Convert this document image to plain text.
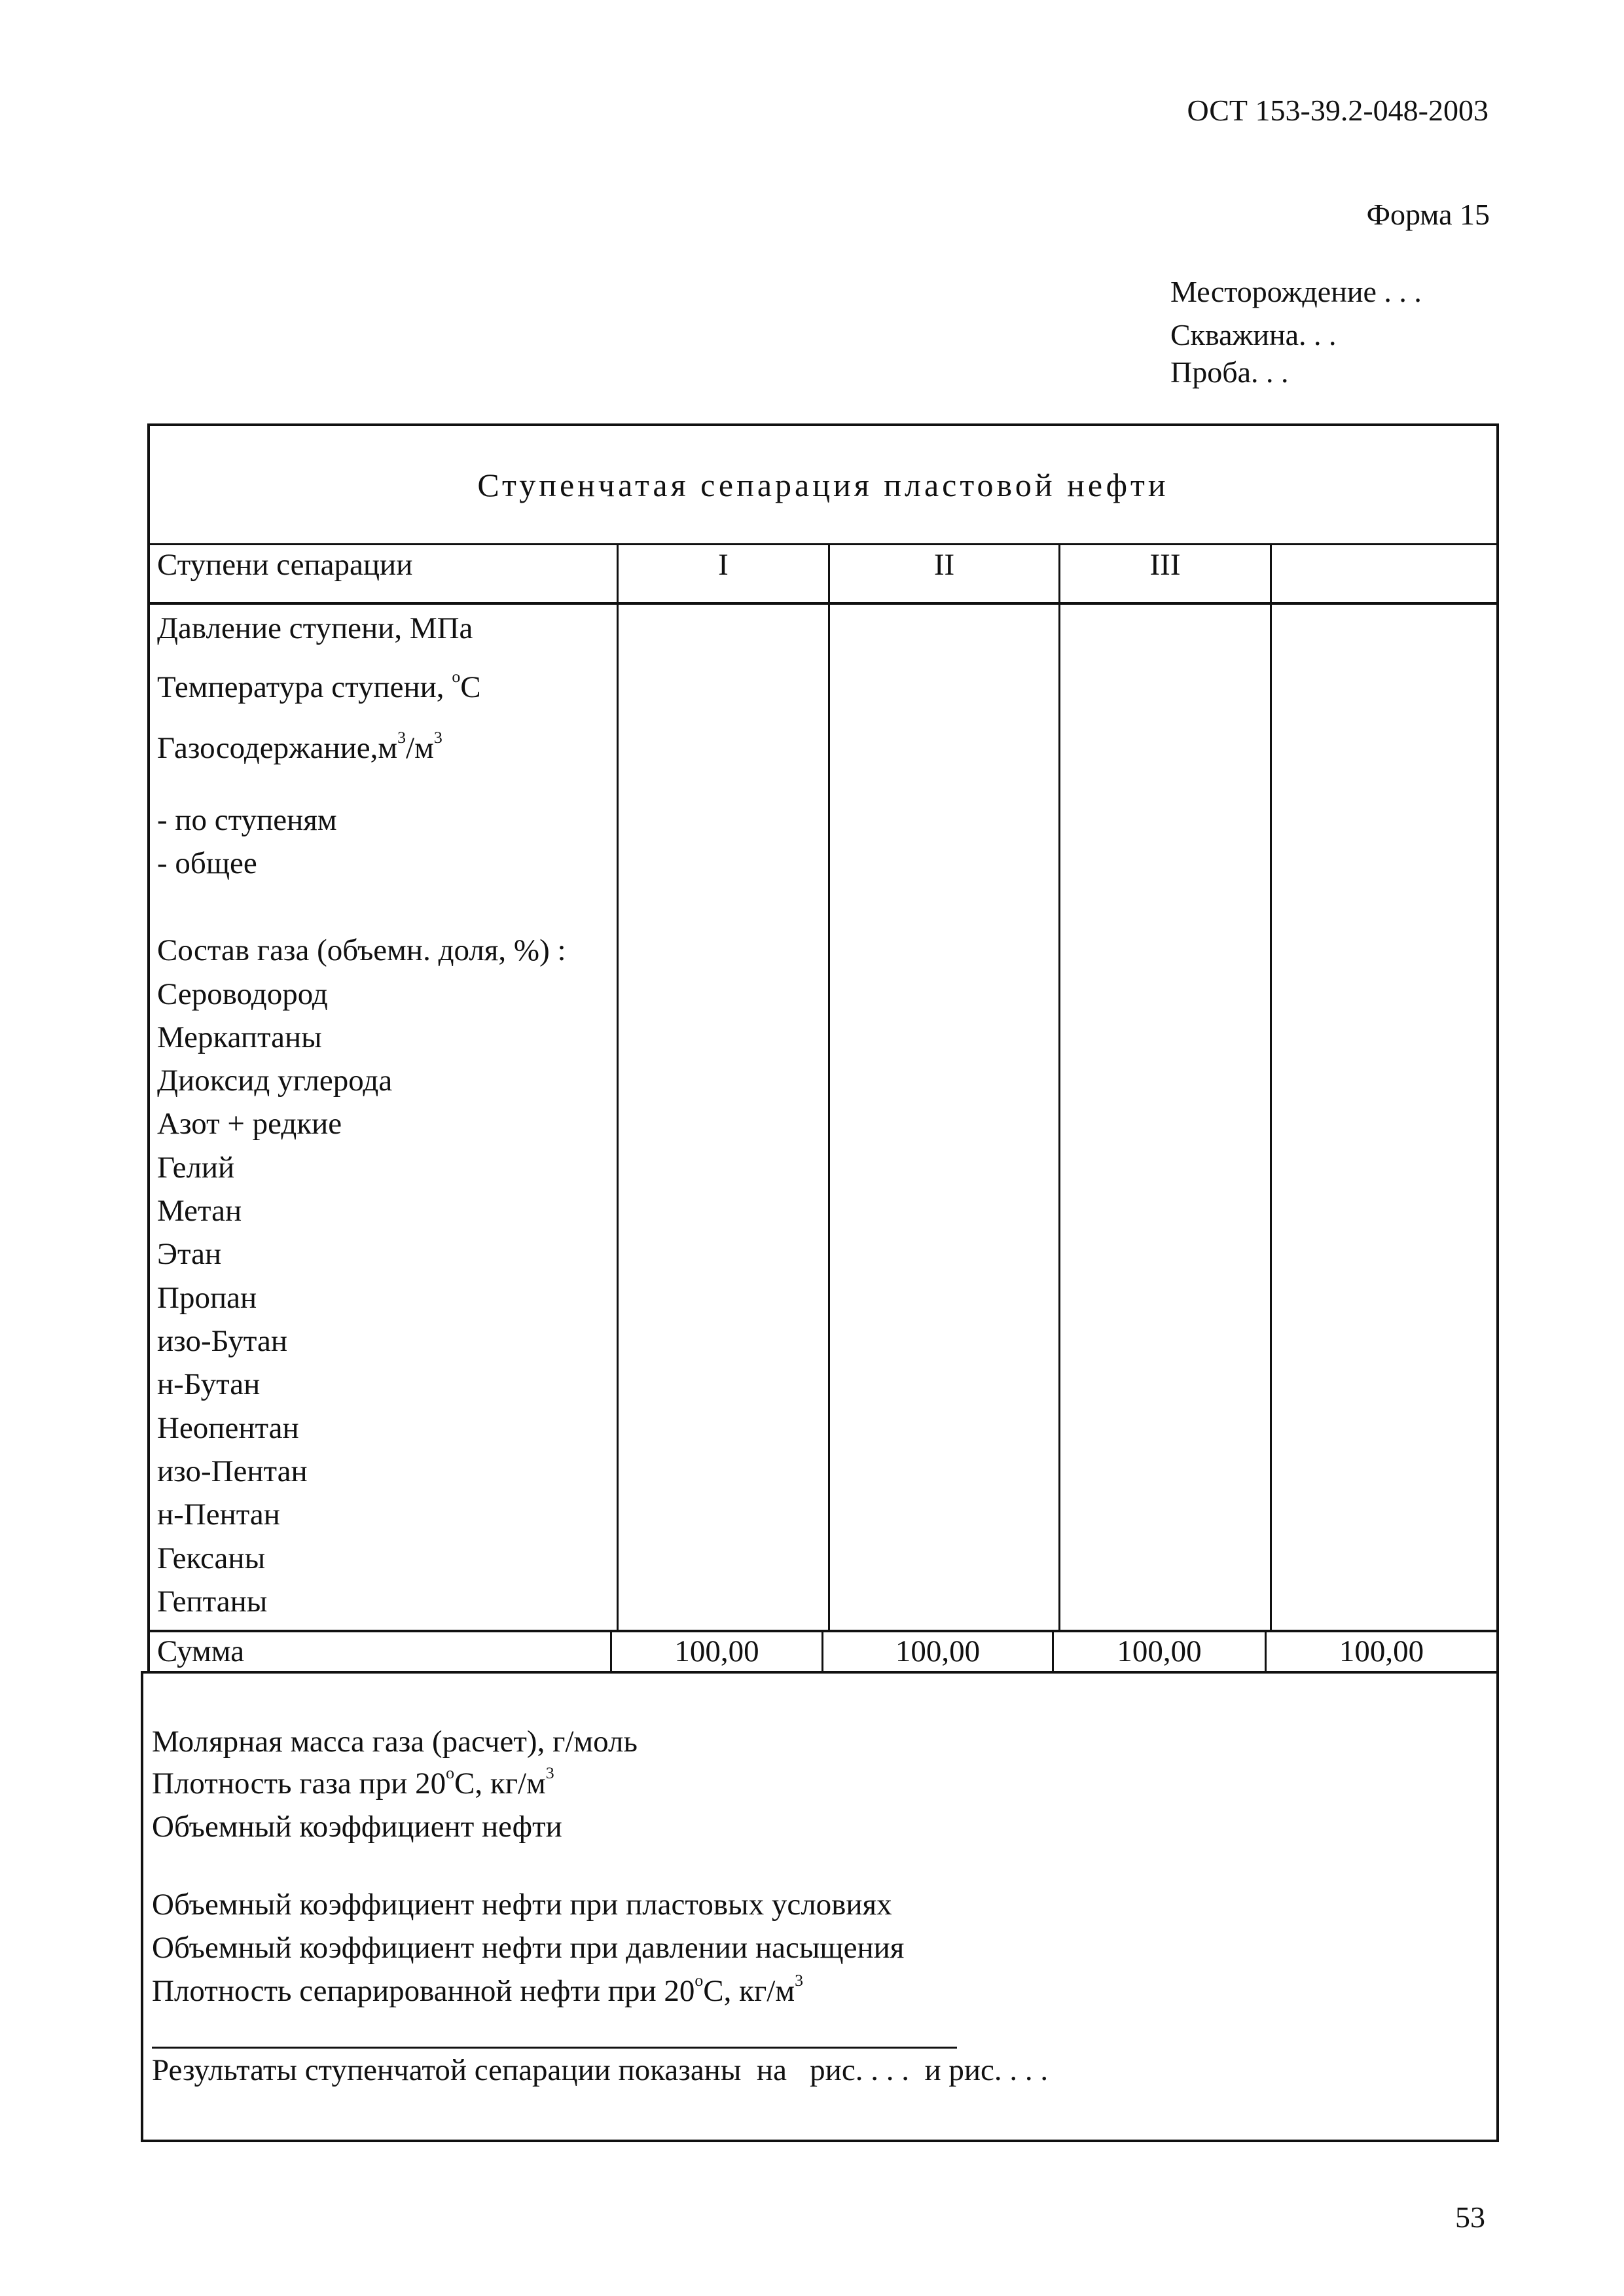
ОСТ 153-39.2-048-2003
Форма 15
Месторождение . . .
Скважина. . .
Проба. . .
Ступенчатая сепарация пластовой нефти
Ступени сепарации	I	II	III
Давление ступени, МПа
Температура ступени, $^o$C
$Газосодержание,м^3/м^3$
- по ступеням
- общее
Состав газа (объемн. доля, %) :
Сероводород
Меркаптаны
Диоксид углерода
Азот + редкие
Гелий
Метан
Этан
Пропан
изо-Бутан
н-Бутан
Неопентан
изо-Пентан
н-Пентан
Гексаны
Гептаны
Сумма	100,00	100,00	100,00	100,00
Молярная масса газа (расчет), г/моль
Плотность газа при 20$^o$С, $кг/м^3$
Объемный коэффициент нефти
Объемный коэффициент нефти при пластовых условиях
Объемный коэффициент нефти при давлении насыщения
Плотность сепарированной нефти при 20$^o$С, $кг/м^3$
Результаты ступенчатой сепарации показаны  на   рис. . . .  и рис. . . .
53
